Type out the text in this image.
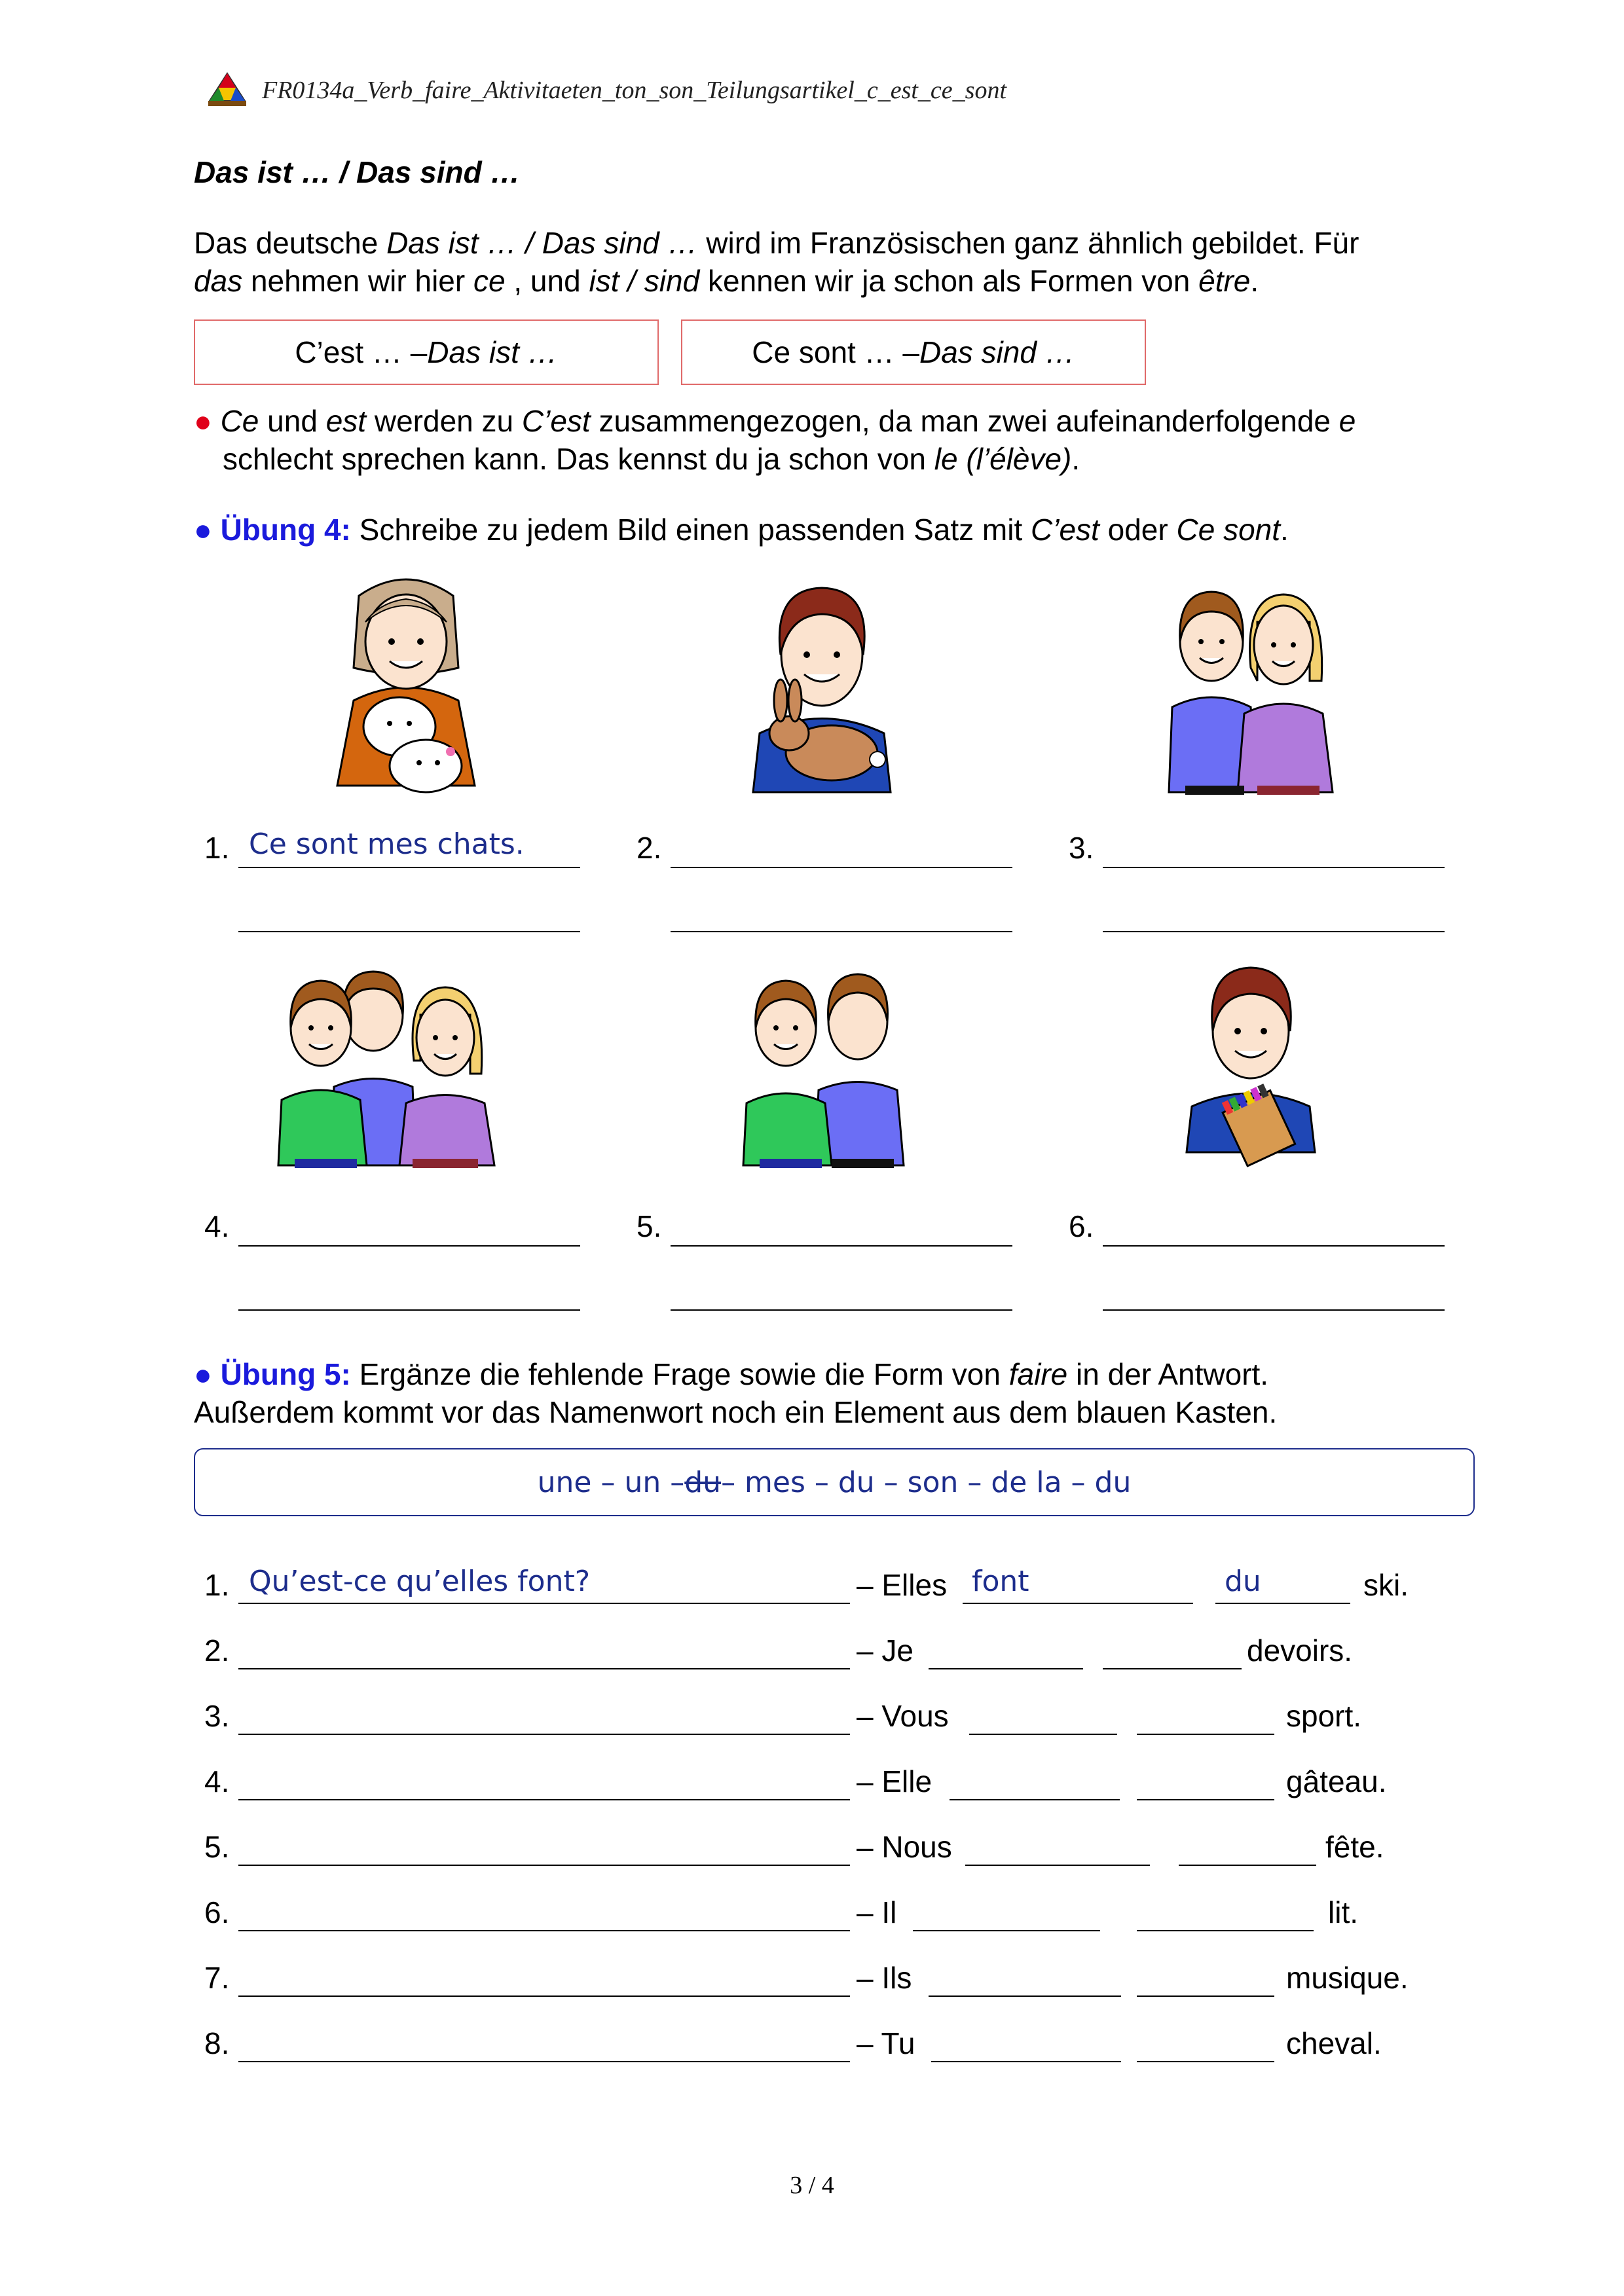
FR0134a_Verb_faire_Aktivitaeten_ton_son_Teilungsartikel_c_est_ce_sont
Das ist … / Das sind …
Das deutsche Das ist … / Das sind … wird im Französischen ganz ähnlich gebildet. Für
das nehmen wir hier ce , und ist / sind kennen wir ja schon als Formen von être.
C’est … – Das ist …	Ce sont … – Das sind …
● Ce und est werden zu C’est zusammengezogen, da man zwei aufeinanderfolgende e
schlecht sprechen kann. Das kennst du ja schon von le (l’élève).
● Übung 4: Schreibe zu jedem Bild einen passenden Satz mit C’est oder Ce sont.
1. Ce sont mes chats.	2.	3.
4.	5.	6.
● Übung 5: Ergänze die fehlende Frage sowie die Form von faire in der Antwort.
Außerdem kommt vor das Namenwort noch ein Element aus dem blauen Kasten.
une – un – du – mes – du – son – de la – du
1. Qu’est-ce qu’elles font?	– Elles font	du	ski.
2.	– Je	devoirs.
3.	– Vous	sport.
4.	– Elle	gâteau.
5.	– Nous	fête.
6.	– Il	lit.
7.	– Ils	musique.
8.	– Tu	cheval.
3 / 4
